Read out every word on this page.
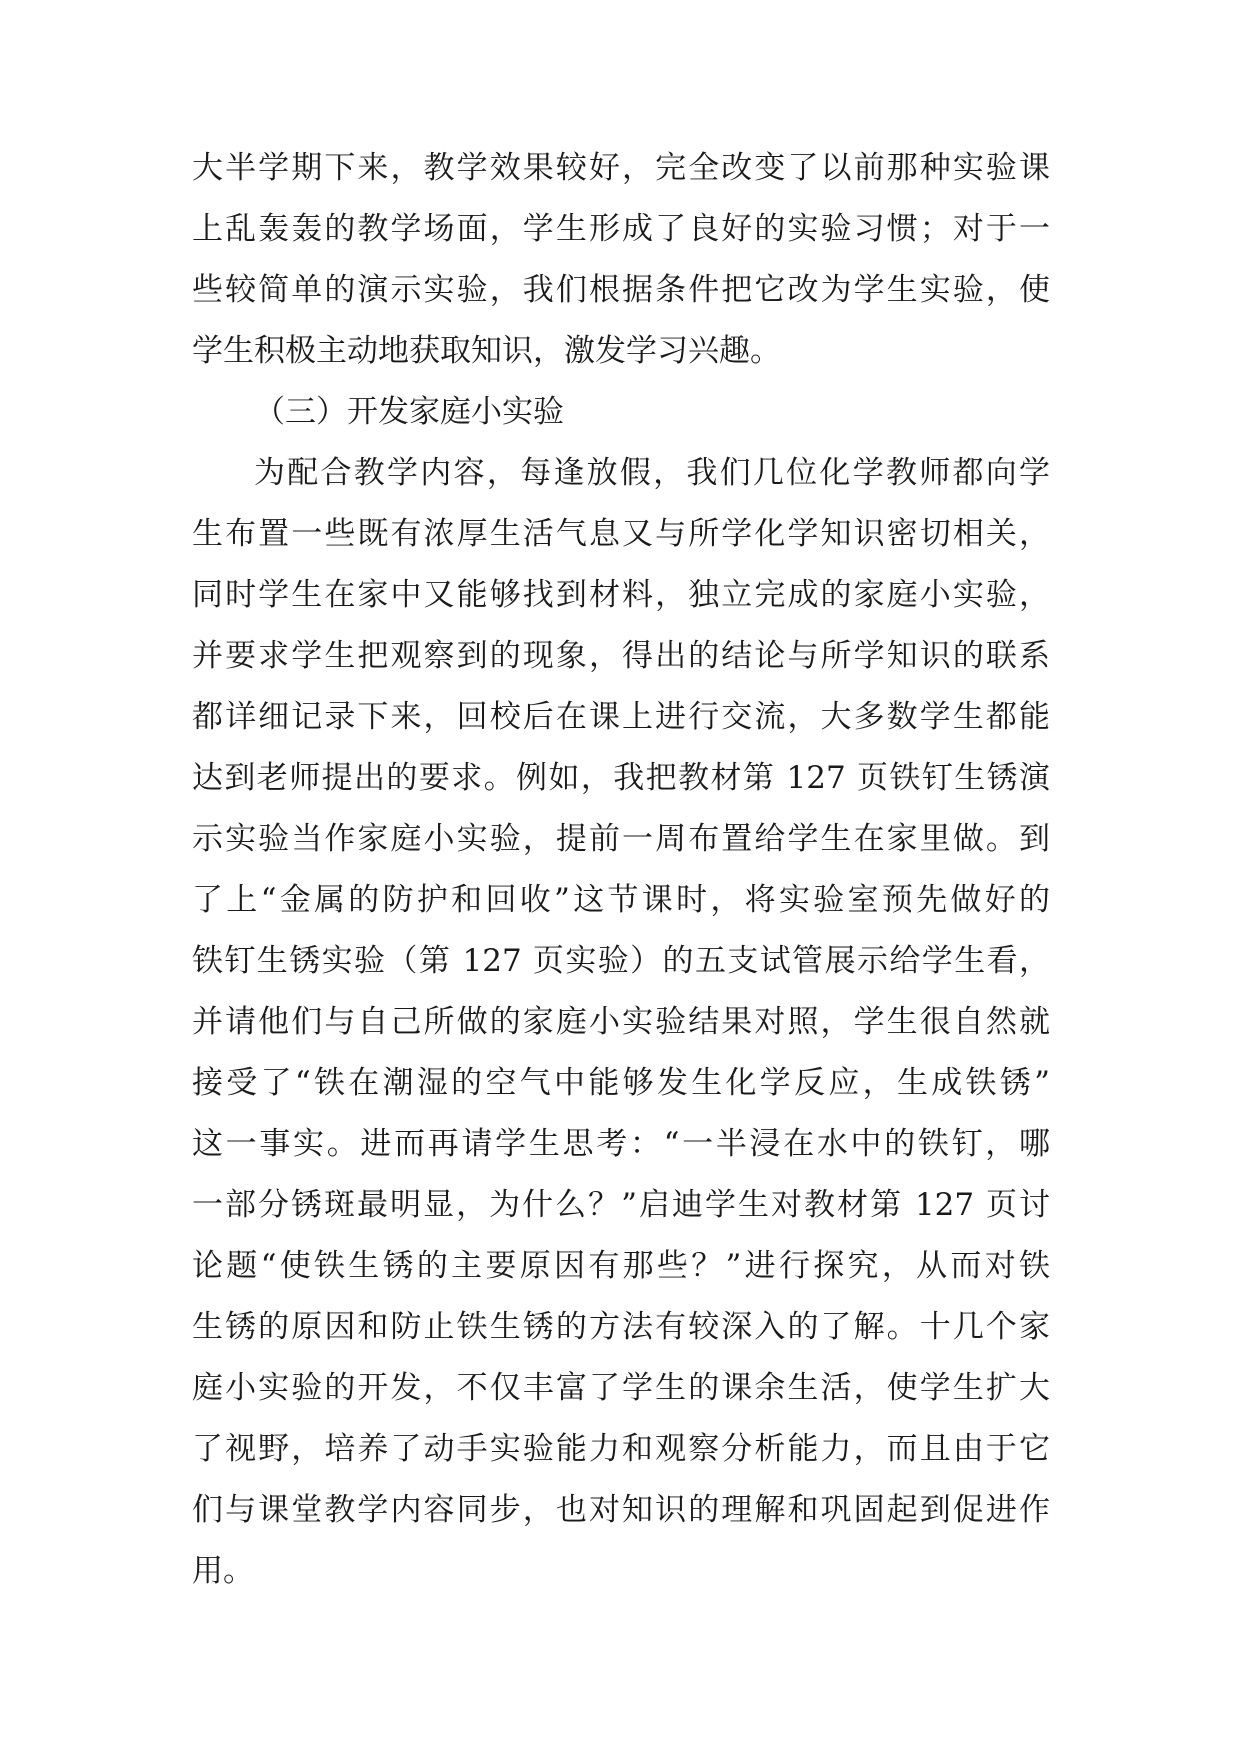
大半学期下来，教学效果较好，完全改变了以前那种实验课
上乱轰轰的教学场面，学生形成了良好的实验习惯；对于一
些较简单的演示实验，我们根据条件把它改为学生实验，使
学生积极主动地获取知识，激发学习兴趣。
（三）开发家庭小实验
为配合教学内容，每逢放假，我们几位化学教师都向学
生布置一些既有浓厚生活气息又与所学化学知识密切相关，
同时学生在家中又能够找到材料，独立完成的家庭小实验，
并要求学生把观察到的现象，得出的结论与所学知识的联系
都详细记录下来，回校后在课上进行交流，大多数学生都能
达到老师提出的要求。例如，我把教材第 127 页铁钉生锈演
示实验当作家庭小实验，提前一周布置给学生在家里做。到
了上“金属的防护和回收”这节课时，将实验室预先做好的
铁钉生锈实验（第 127 页实验）的五支试管展示给学生看，
并请他们与自己所做的家庭小实验结果对照，学生很自然就
接受了“铁在潮湿的空气中能够发生化学反应，生成铁锈”
这一事实。进而再请学生思考：“一半浸在水中的铁钉，哪
一部分锈斑最明显，为什么？”启迪学生对教材第 127 页讨
论题“使铁生锈的主要原因有那些？”进行探究，从而对铁
生锈的原因和防止铁生锈的方法有较深入的了解。十几个家
庭小实验的开发，不仅丰富了学生的课余生活，使学生扩大
了视野，培养了动手实验能力和观察分析能力，而且由于它
们与课堂教学内容同步，也对知识的理解和巩固起到促进作
用。
